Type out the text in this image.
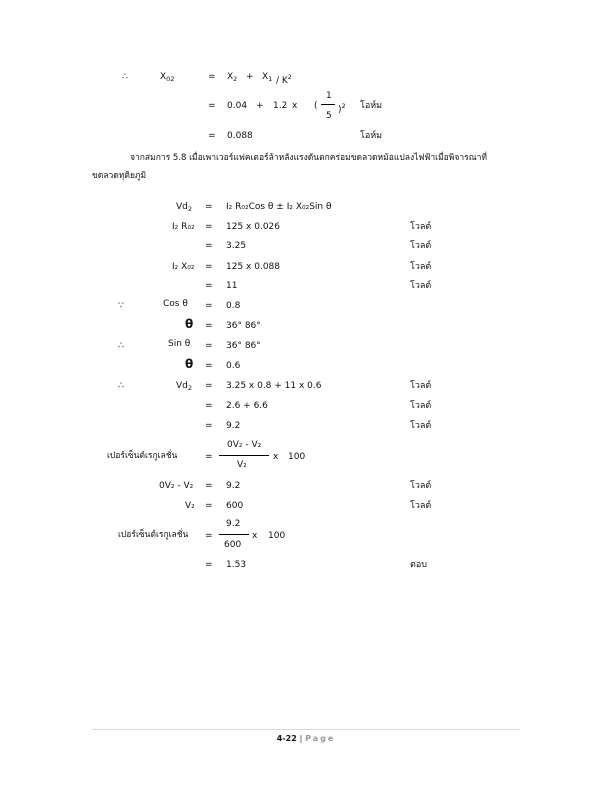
∴	$X_{02}$	= $X_2 + X_1 / K^2$
= 0.04 + 1.2 x (
1
5
)$^2$ โอห์ม
= 0.088	โอห์ม
จากสมการ 5.8 เมื่อเพาเวอร์แฟคเตอร์ล้าหลังแรงดันตกคร่อมขดลวดหม้อแปลงไฟฟ้าเมื่อพิจารณาที่
ขดลวดทุติยภูมิ
$Vd_2 = I_2$ R₀₂Cos θ ± I₂ X₀₂Sin θ
I₂ R₀₂ = 125 x 0.026	โวลต์
= 3.25	โวลต์
I₂ X₀₂ = 125 x 0.088	โวลต์
= 11	โวลต์
∵	Cos θ = 0.8
θ = 36° 86°
∴	Sin θ = 36° 86°
θ = 0.6
∴	$Vd_2 = 3.25$ x 0.8 + 11 x 0.6	โวลต์
= 2.6 + 6.6	โวลต์
= 9.2	โวลต์
เปอร์เซ็นต์เรกูเลชั่น	=
0V₂ - V₂
V₂
x 100
0V₂ - V₂ = 9.2	โวลต์
V₂ = 600	โวลต์
เปอร์เซ็นต์เรกูเลชั่น =
9.2
600
x 100
= 1.53	ตอบ
4-22 | Page
